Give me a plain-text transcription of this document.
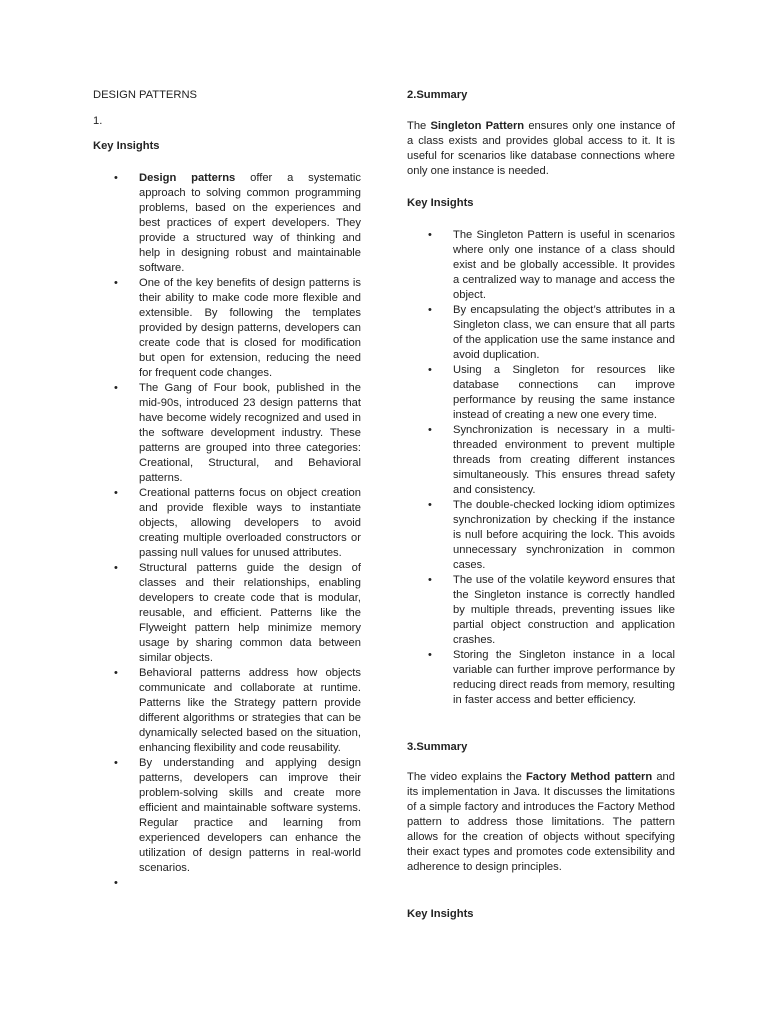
DESIGN PATTERNS

1.

Key Insights

• Design patterns offer a systematic approach to solving common programming problems, based on the experiences and best practices of expert developers. They provide a structured way of thinking and help in designing robust and maintainable software.
• One of the key benefits of design patterns is their ability to make code more flexible and extensible. By following the templates provided by design patterns, developers can create code that is closed for modification but open for extension, reducing the need for frequent code changes.
• The Gang of Four book, published in the mid-90s, introduced 23 design patterns that have become widely recognized and used in the software development industry. These patterns are grouped into three categories: Creational, Structural, and Behavioral patterns.
• Creational patterns focus on object creation and provide flexible ways to instantiate objects, allowing developers to avoid creating multiple overloaded constructors or passing null values for unused attributes.
• Structural patterns guide the design of classes and their relationships, enabling developers to create code that is modular, reusable, and efficient. Patterns like the Flyweight pattern help minimize memory usage by sharing common data between similar objects.
• Behavioral patterns address how objects communicate and collaborate at runtime. Patterns like the Strategy pattern provide different algorithms or strategies that can be dynamically selected based on the situation, enhancing flexibility and code reusability.
• By understanding and applying design patterns, developers can improve their problem-solving skills and create more efficient and maintainable software systems. Regular practice and learning from experienced developers can enhance the utilization of design patterns in real-world scenarios.
•

2.Summary

The Singleton Pattern ensures only one instance of a class exists and provides global access to it. It is useful for scenarios like database connections where only one instance is needed.

Key Insights

• The Singleton Pattern is useful in scenarios where only one instance of a class should exist and be globally accessible. It provides a centralized way to manage and access the object.
• By encapsulating the object’s attributes in a Singleton class, we can ensure that all parts of the application use the same instance and avoid duplication.
• Using a Singleton for resources like database connections can improve performance by reusing the same instance instead of creating a new one every time.
• Synchronization is necessary in a multi-threaded environment to prevent multiple threads from creating different instances simultaneously. This ensures thread safety and consistency.
• The double-checked locking idiom optimizes synchronization by checking if the instance is null before acquiring the lock. This avoids unnecessary synchronization in common cases.
• The use of the volatile keyword ensures that the Singleton instance is correctly handled by multiple threads, preventing issues like partial object construction and application crashes.
• Storing the Singleton instance in a local variable can further improve performance by reducing direct reads from memory, resulting in faster access and better efficiency.

3.Summary

The video explains the Factory Method pattern and its implementation in Java. It discusses the limitations of a simple factory and introduces the Factory Method pattern to address those limitations. The pattern allows for the creation of objects without specifying their exact types and promotes code extensibility and adherence to design principles.

Key Insights
